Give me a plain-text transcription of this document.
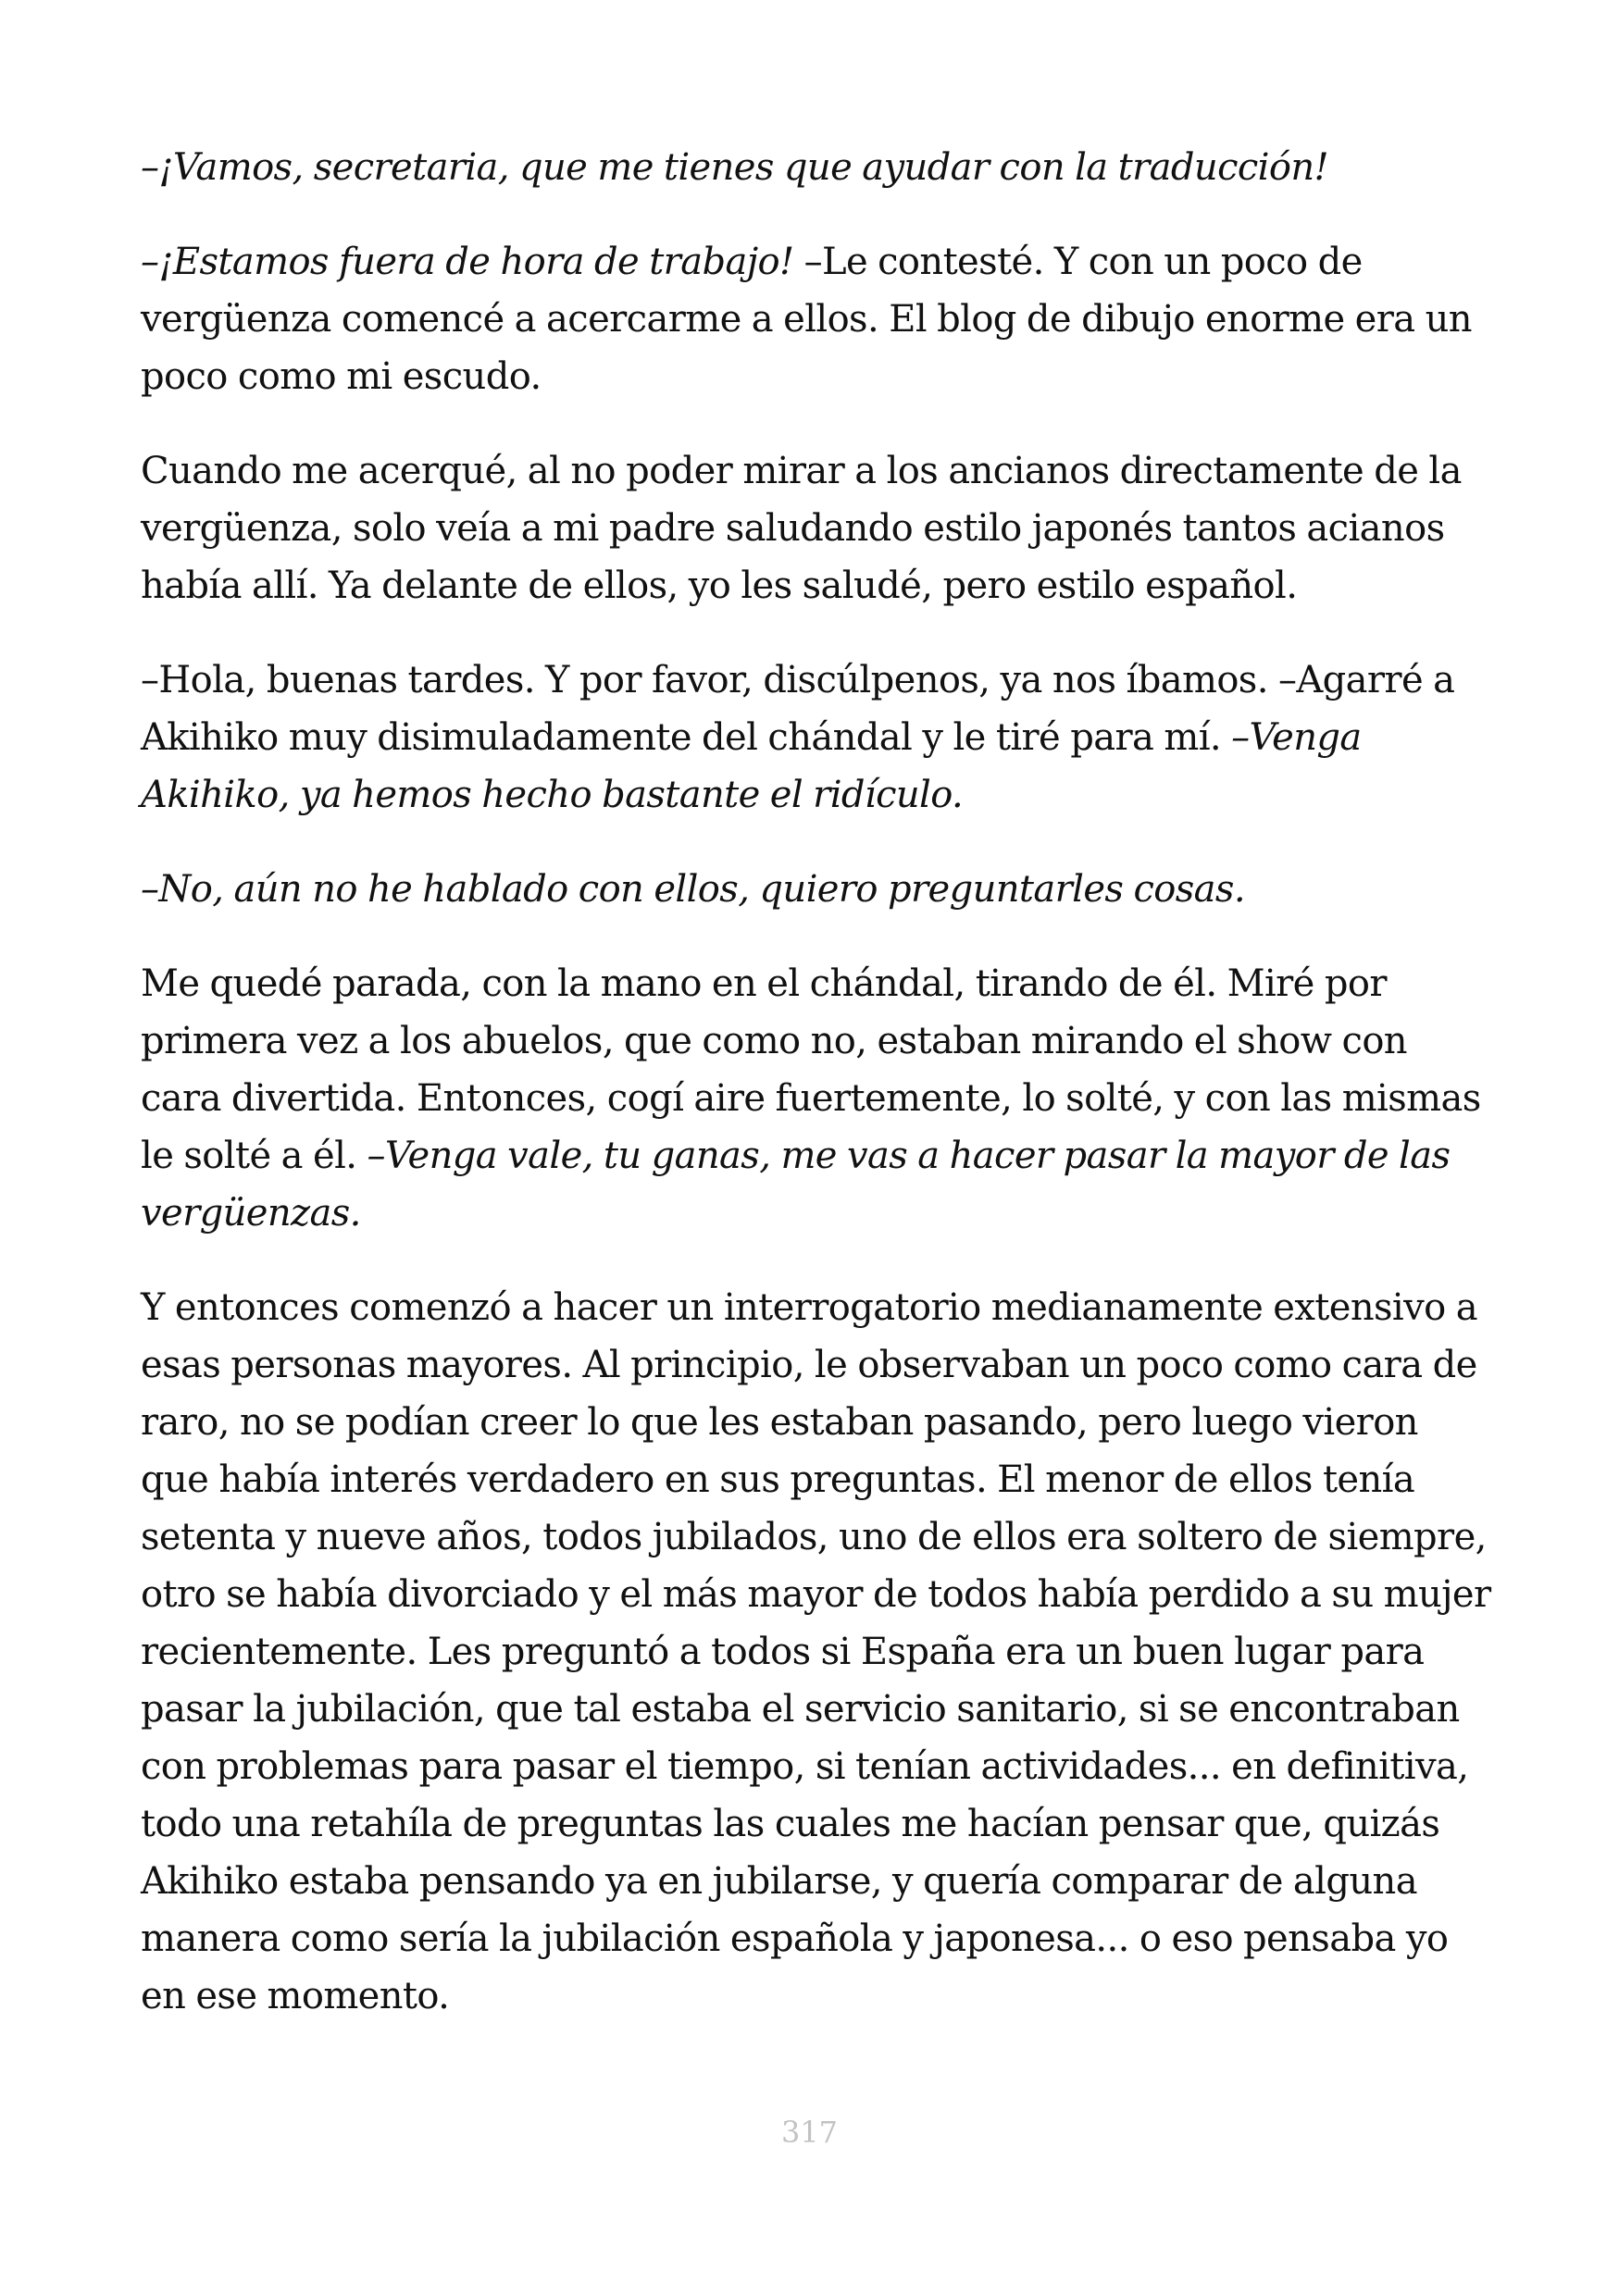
–¡Vamos, secretaria, que me tienes que ayudar con la traducción!

–¡Estamos fuera de hora de trabajo! –Le contesté. Y con un poco de vergüenza comencé a acercarme a ellos. El blog de dibujo enorme era un poco como mi escudo.

Cuando me acerqué, al no poder mirar a los ancianos directamente de la vergüenza, solo veía a mi padre saludando estilo japonés tantos acianos había allí. Ya delante de ellos, yo les saludé, pero estilo español.

–Hola, buenas tardes. Y por favor, discúlpenos, ya nos íbamos. –Agarré a Akihiko muy disimuladamente del chándal y le tiré para mí. –Venga Akihiko, ya hemos hecho bastante el ridículo.

–No, aún no he hablado con ellos, quiero preguntarles cosas.

Me quedé parada, con la mano en el chándal, tirando de él. Miré por primera vez a los abuelos, que como no, estaban mirando el show con cara divertida. Entonces, cogí aire fuertemente, lo solté, y con las mismas le solté a él. –Venga vale, tu ganas, me vas a hacer pasar la mayor de las vergüenzas.

Y entonces comenzó a hacer un interrogatorio medianamente extensivo a esas personas mayores. Al principio, le observaban un poco como cara de raro, no se podían creer lo que les estaban pasando, pero luego vieron que había interés verdadero en sus preguntas. El menor de ellos tenía setenta y nueve años, todos jubilados, uno de ellos era soltero de siempre, otro se había divorciado y el más mayor de todos había perdido a su mujer recientemente. Les preguntó a todos si España era un buen lugar para pasar la jubilación, que tal estaba el servicio sanitario, si se encontraban con problemas para pasar el tiempo, si tenían actividades... en definitiva, todo una retahíla de preguntas las cuales me hacían pensar que, quizás Akihiko estaba pensando ya en jubilarse, y quería comparar de alguna manera como sería la jubilación española y japonesa... o eso pensaba yo en ese momento.

317
